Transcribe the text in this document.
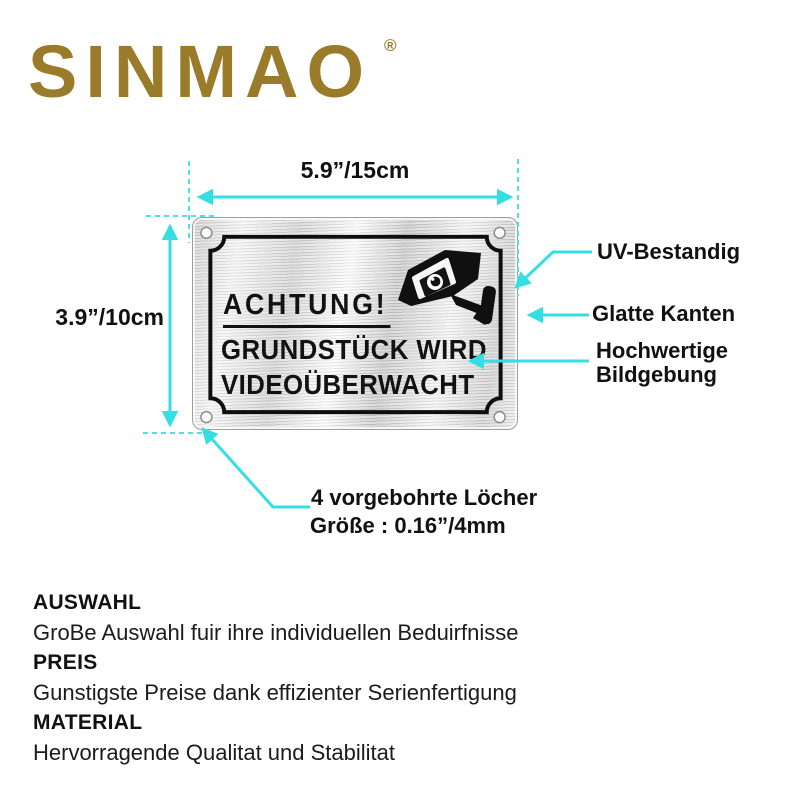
SINMAO ®
ACHTUNG!
GRUNDSTÜCK WIRD
VIDEOÜBERWACHT
5.9”/15cm
3.9”/10cm
UV-Bestandig
Glatte Kanten
Hochwertige
Bildgebung
4 vorgebohrte Löcher
Größe : 0.16”/4mm
AUSWAHL
GroBe Auswahl fuir ihre individuellen Beduirfnisse
PREIS
Gunstigste Preise dank effizienter Serienfertigung
MATERIAL
Hervorragende Qualitat und Stabilitat
